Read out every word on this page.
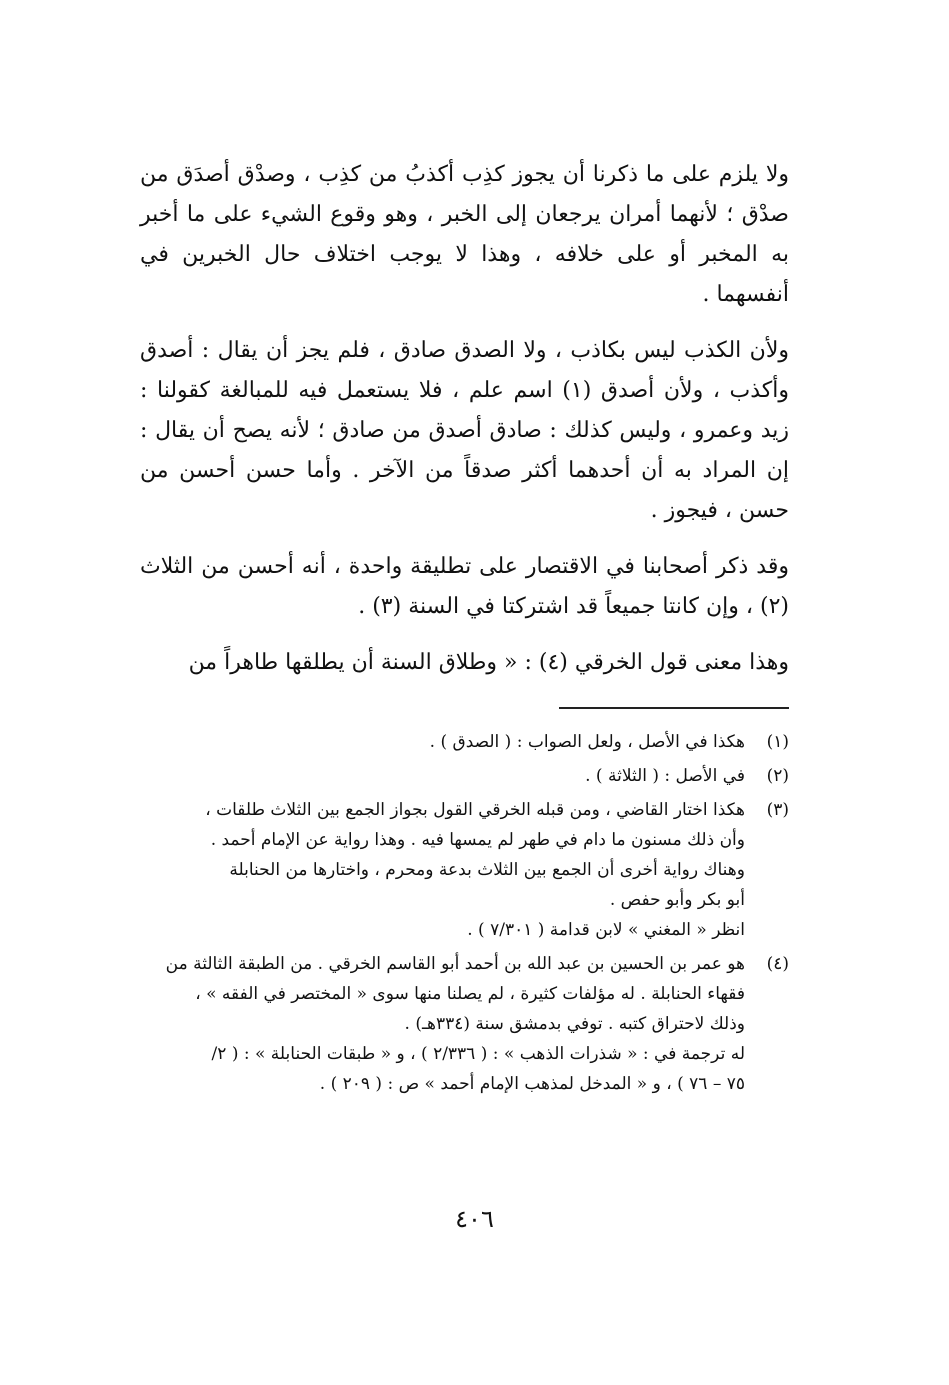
ولا يلزم على ما ذكرنا أن يجوز كذِب أكذبُ من كذِب ، وصدْق أصدَق من صدْق ؛ لأنهما أمران يرجعان إلى الخبر ، وهو وقوع الشيء على ما أخبر به المخبر أو على خلافه ، وهذا لا يوجب اختلاف حال الخبرين في أنفسهما .

ولأن الكذب ليس بكاذب ، ولا الصدق صادق ، فلم يجز أن يقال : أصدق وأكذب ، ولأن أصدق (١) اسم علم ، فلا يستعمل فيه للمبالغة كقولنا : زيد وعمرو ، وليس كذلك : صادق أصدق من صادق ؛ لأنه يصح أن يقال : إن المراد به أن أحدهما أكثر صدقاً من الآخر . وأما حسن أحسن من حسن ، فيجوز .

وقد ذكر أصحابنا في الاقتصار على تطليقة واحدة ، أنه أحسن من الثلاث (٢) ، وإن كانتا جميعاً قد اشتركتا في السنة (٣) .

وهذا معنى قول الخرقي (٤) : « وطلاق السنة أن يطلقها طاهراً من

(١)
هكذا في الأصل ، ولعل الصواب : ( الصدق ) .
(٢)
في الأصل : ( الثلاثة ) .
(٣)
هكذا اختار القاضي ، ومن قبله الخرقي القول بجواز الجمع بين الثلاث طلقات ،
وأن ذلك مسنون ما دام في طهر لم يمسها فيه . وهذا رواية عن الإمام أحمد .
وهناك رواية أخرى أن الجمع بين الثلاث بدعة ومحرم ، واختارها من الحنابلة
أبو بكر وأبو حفص .
انظر « المغني » لابن قدامة ( ٧/٣٠١ ) .
(٤)
هو عمر بن الحسين بن عبد الله بن أحمد أبو القاسم الخرقي . من الطبقة الثالثة من
فقهاء الحنابلة . له مؤلفات كثيرة ، لم يصلنا منها سوى « المختصر في الفقه » ،
وذلك لاحتراق كتبه . توفي بدمشق سنة (٣٣٤هـ) .
له ترجمة في : « شذرات الذهب » : ( ٢/٣٣٦ ) ، و « طبقات الحنابلة » : ( ٢/
٧٥ – ٧٦ ) ، و « المدخل لمذهب الإمام أحمد » ص : ( ٢٠٩ ) .
٤٠٦
